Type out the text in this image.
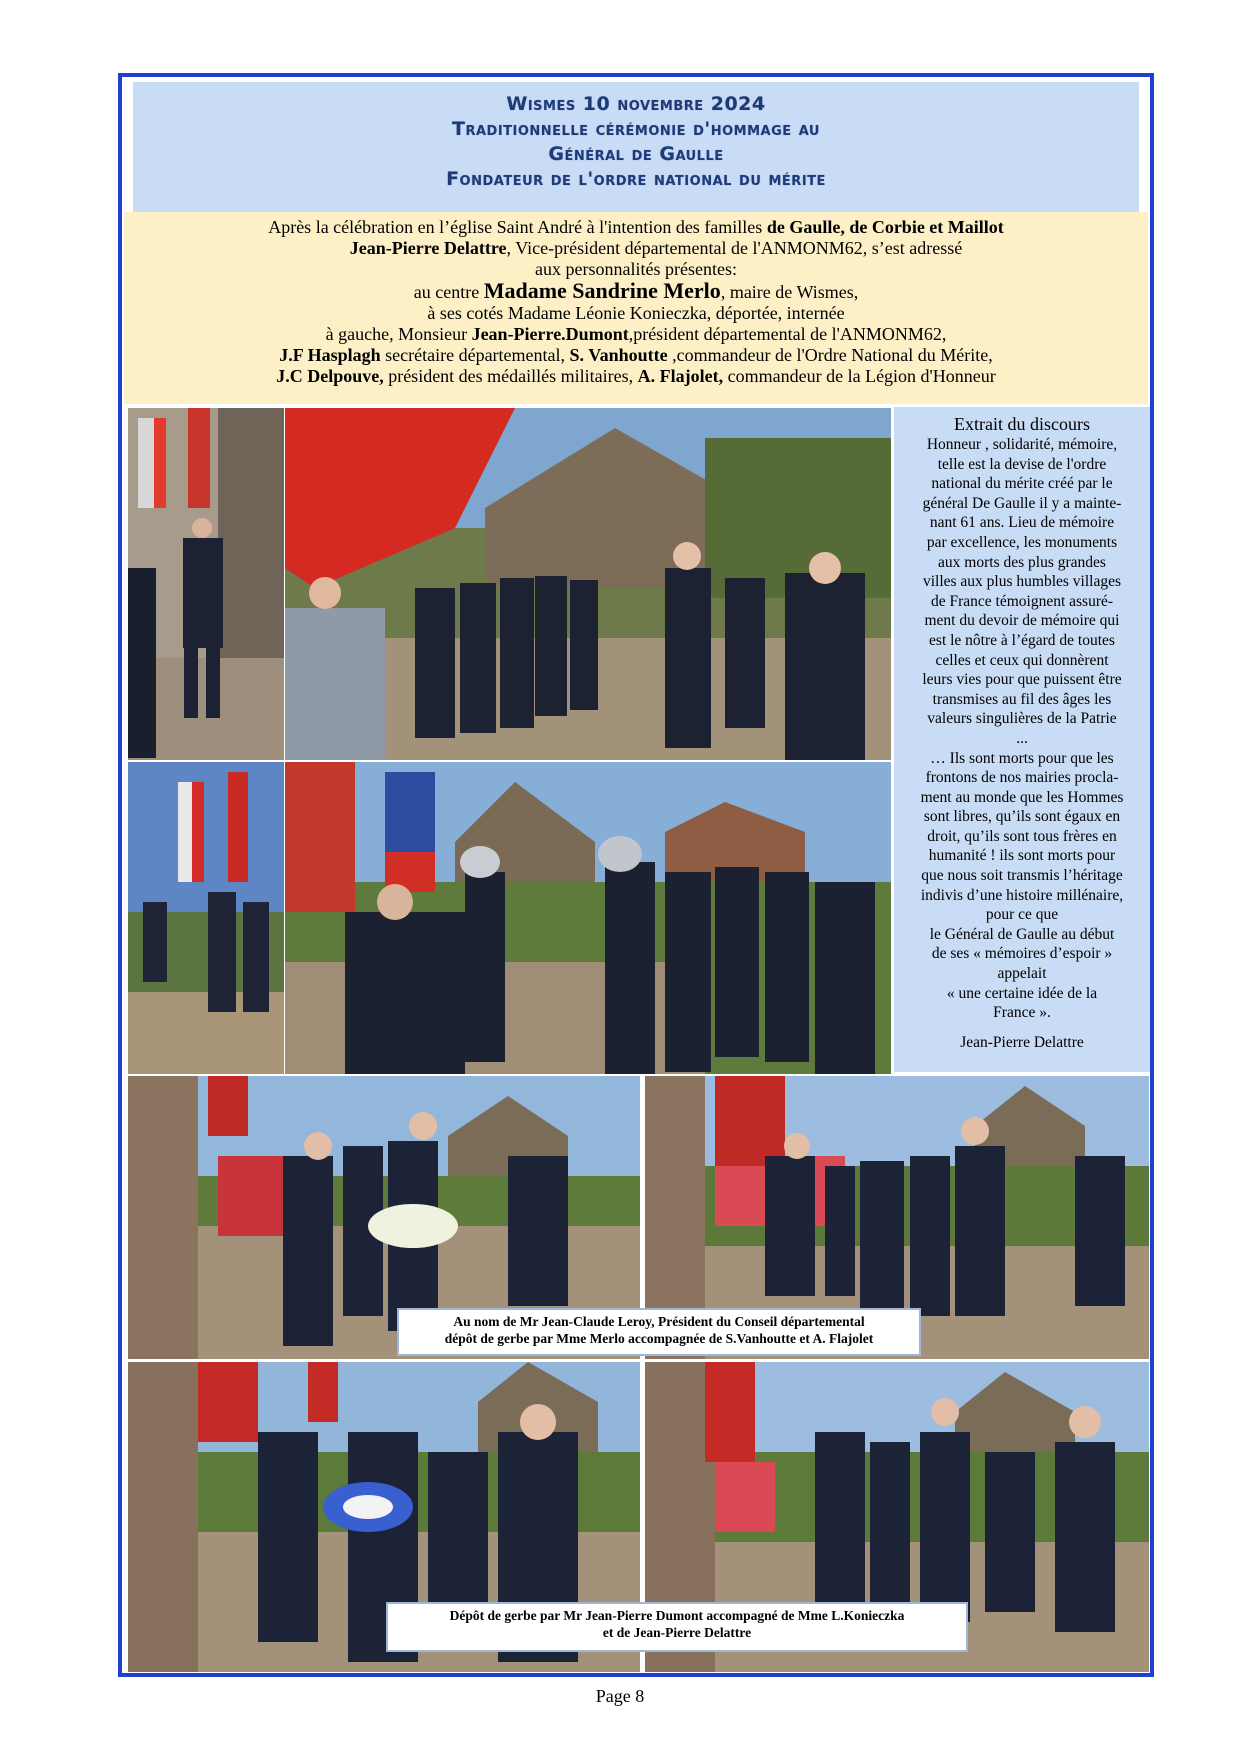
Wismes 10 novembre 2024
Traditionnelle cérémonie d'hommage au
Général de Gaulle
Fondateur de l'ordre national du mérite
Après la célébration en l’église Saint André à l'intention des familles de Gaulle, de Corbie et Maillot
Jean-Pierre Delattre, Vice-président départemental de l'ANMONM62, s’est adressé
aux personnalités présentes:
au centre Madame Sandrine Merlo, maire de Wismes,
à ses cotés Madame Léonie Konieczka, déportée, internée
à gauche, Monsieur Jean-Pierre.Dumont,président départemental de l'ANMONM62,
J.F Hasplagh secrétaire départemental, S. Vanhoutte ,commandeur de l'Ordre National du Mérite,
J.C Delpouve, président des médaillés militaires, A. Flajolet, commandeur de la Légion d'Honneur
Extrait du discours
Honneur , solidarité, mémoire,
telle est la devise de l'ordre
national du mérite créé par le
général De Gaulle il y a mainte-
nant 61 ans. Lieu de mémoire
par excellence, les monuments
aux morts des plus grandes
villes aux plus humbles villages
de France témoignent assuré-
ment du devoir de mémoire qui
est le nôtre à l’égard de toutes
celles et ceux qui donnèrent
leurs vies pour que puissent être
transmises au fil des âges les
valeurs singulières de la Patrie
...
… Ils sont morts pour que les
frontons de nos mairies procla-
ment au monde que les Hommes
sont libres, qu’ils sont égaux en
droit, qu’ils sont tous frères en
humanité ! ils sont morts pour
que nous soit transmis l’héritage
indivis d’une histoire millénaire,
pour ce que
le Général de Gaulle au début
de ses « mémoires d’espoir »
appelait
« une certaine idée de la
France ».
Jean-Pierre Delattre
Au nom de Mr Jean-Claude Leroy, Président du Conseil départemental
dépôt de gerbe par Mme Merlo accompagnée de S.Vanhoutte et A. Flajolet
Dépôt de gerbe par Mr Jean-Pierre Dumont accompagné de Mme L.Konieczka
et de Jean-Pierre Delattre
Page 8
